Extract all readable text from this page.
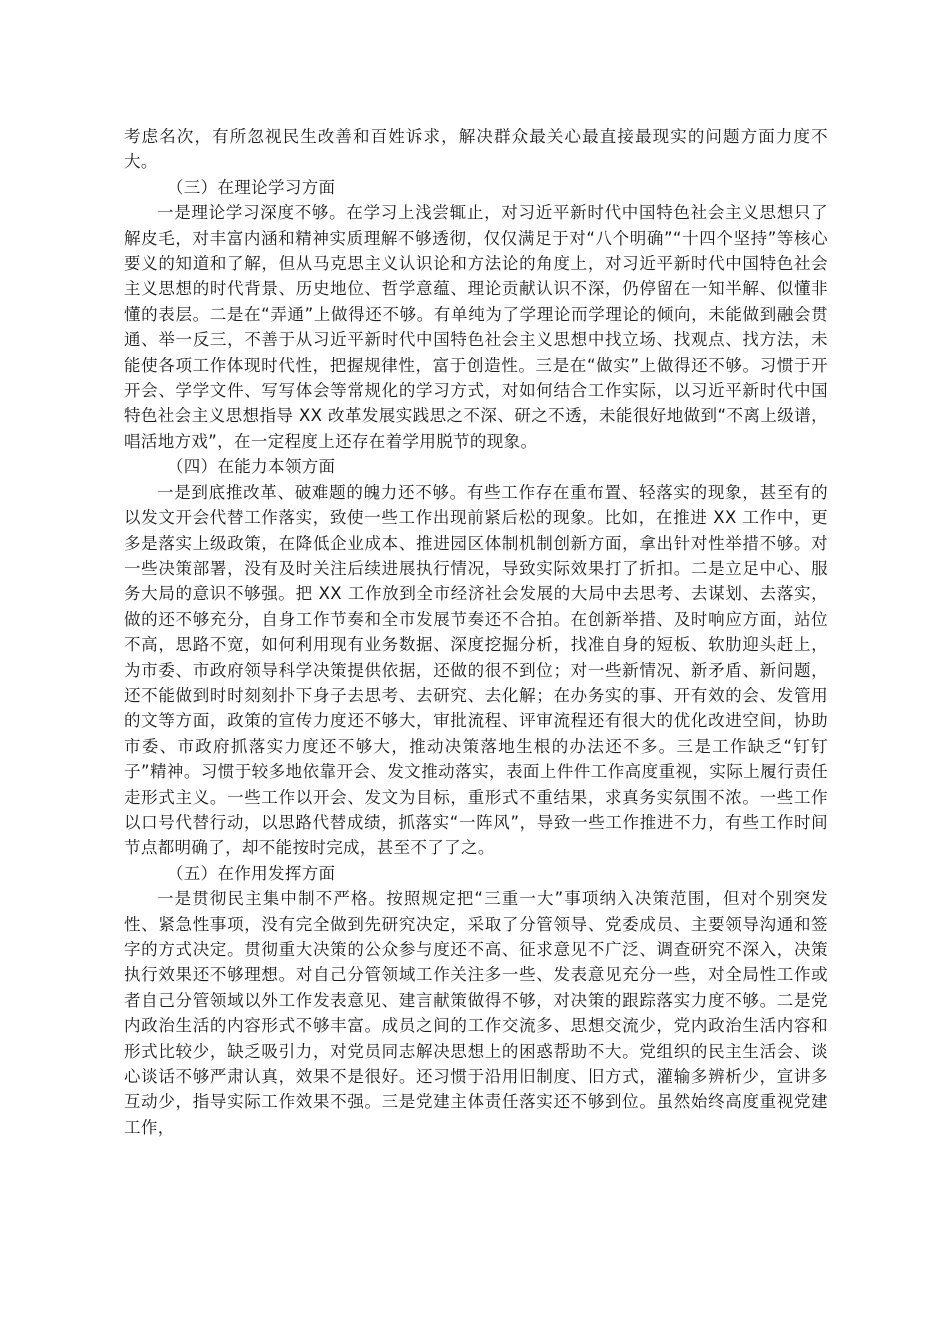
考虑名次，有所忽视民生改善和百姓诉求，解决群众最关心最直接最现实的问题方面力度不大。

（三）在理论学习方面

一是理论学习深度不够。在学习上浅尝辄止，对习近平新时代中国特色社会主义思想只了解皮毛，对丰富内涵和精神实质理解不够透彻，仅仅满足于对“八个明确”“十四个坚持”等核心要义的知道和了解，但从马克思主义认识论和方法论的角度上，对习近平新时代中国特色社会主义思想的时代背景、历史地位、哲学意蕴、理论贡献认识不深，仍停留在一知半解、似懂非懂的表层。二是在“弄通”上做得还不够。有单纯为了学理论而学理论的倾向，未能做到融会贯通、举一反三，不善于从习近平新时代中国特色社会主义思想中找立场、找观点、找方法，未能使各项工作体现时代性，把握规律性，富于创造性。三是在“做实”上做得还不够。习惯于开开会、学学文件、写写体会等常规化的学习方式，对如何结合工作实际，以习近平新时代中国特色社会主义思想指导 XX 改革发展实践思之不深、研之不透，未能很好地做到“不离上级谱，唱活地方戏”，在一定程度上还存在着学用脱节的现象。

（四）在能力本领方面

一是到底推改革、破难题的魄力还不够。有些工作存在重布置、轻落实的现象，甚至有的以发文开会代替工作落实，致使一些工作出现前紧后松的现象。比如，在推进 XX 工作中，更多是落实上级政策，在降低企业成本、推进园区体制机制创新方面，拿出针对性举措不够。对一些决策部署，没有及时关注后续进展执行情况，导致实际效果打了折扣。二是立足中心、服务大局的意识不够强。把 XX 工作放到全市经济社会发展的大局中去思考、去谋划、去落实，做的还不够充分，自身工作节奏和全市发展节奏还不合拍。在创新举措、及时响应方面，站位不高，思路不宽，如何利用现有业务数据、深度挖掘分析，找准自身的短板、软肋迎头赶上，为市委、市政府领导科学决策提供依据，还做的很不到位；对一些新情况、新矛盾、新问题，还不能做到时时刻刻扑下身子去思考、去研究、去化解；在办务实的事、开有效的会、发管用的文等方面，政策的宣传力度还不够大，审批流程、评审流程还有很大的优化改进空间，协助市委、市政府抓落实力度还不够大，推动决策落地生根的办法还不多。三是工作缺乏“钉钉子”精神。习惯于较多地依靠开会、发文推动落实，表面上件件工作高度重视，实际上履行责任走形式主义。一些工作以开会、发文为目标，重形式不重结果，求真务实氛围不浓。一些工作以口号代替行动，以思路代替成绩，抓落实“一阵风”，导致一些工作推进不力，有些工作时间节点都明确了，却不能按时完成，甚至不了了之。

（五）在作用发挥方面

一是贯彻民主集中制不严格。按照规定把“三重一大”事项纳入决策范围，但对个别突发性、紧急性事项，没有完全做到先研究决定，采取了分管领导、党委成员、主要领导沟通和签字的方式决定。贯彻重大决策的公众参与度还不高、征求意见不广泛、调查研究不深入，决策执行效果还不够理想。对自己分管领域工作关注多一些、发表意见充分一些，对全局性工作或者自己分管领域以外工作发表意见、建言献策做得不够，对决策的跟踪落实力度不够。二是党内政治生活的内容形式不够丰富。成员之间的工作交流多、思想交流少，党内政治生活内容和形式比较少，缺乏吸引力，对党员同志解决思想上的困惑帮助不大。党组织的民主生活会、谈心谈话不够严肃认真，效果不是很好。还习惯于沿用旧制度、旧方式，灌输多辨析少，宣讲多互动少，指导实际工作效果不强。三是党建主体责任落实还不够到位。虽然始终高度重视党建工作，
